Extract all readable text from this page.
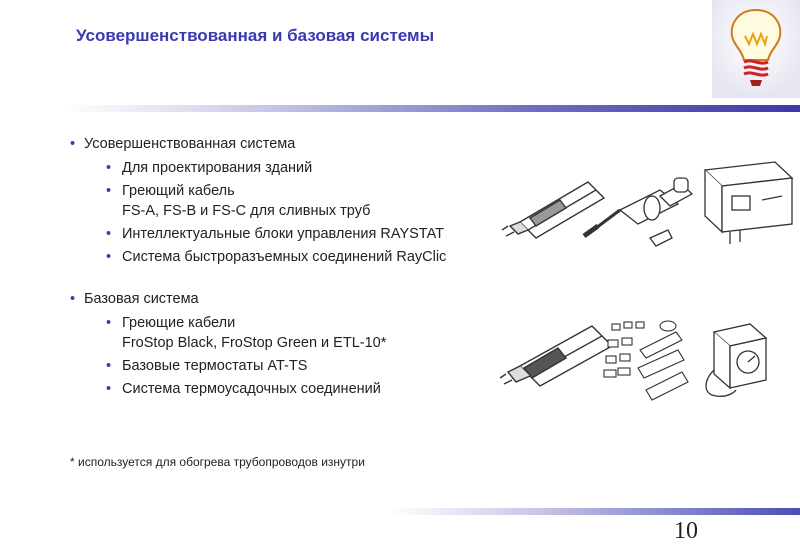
Усовершенствованная и базовая системы
• Усовершенствованная система
• Для проектирования зданий
• Греющий кабель
FS-A, FS-B и FS-C для сливных труб
• Интеллектуальные блоки управления RAYSTAT
• Система быстроразъемных соединений RayClic
• Базовая система
• Греющие кабели
FroStop Black, FroStop Green и ETL-10*
• Базовые термостаты AT-TS
• Система термоусадочных соединений
* используется для обогрева трубопроводов изнутри
10
